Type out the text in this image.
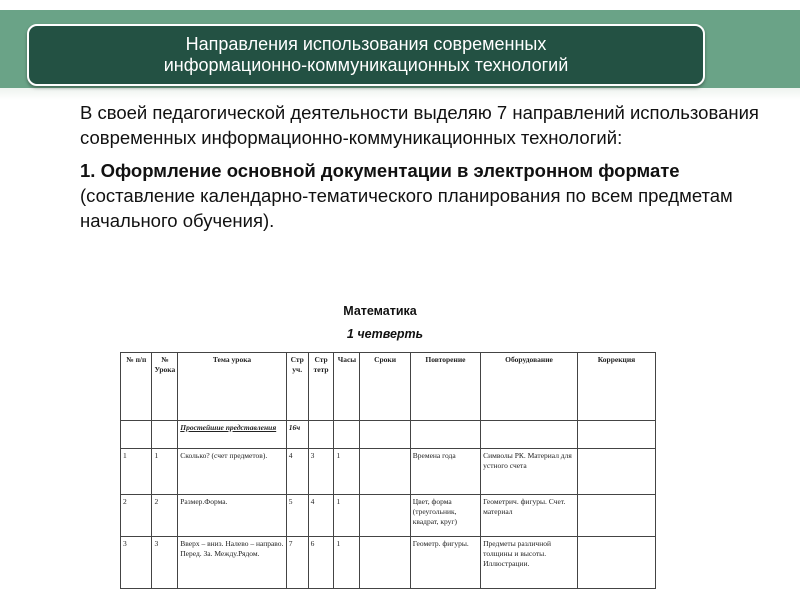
Направления использования современных
информационно-коммуникационных технологий

В своей педагогической деятельности выделяю 7 направлений использования современных информационно-коммуникационных технологий:

1. Оформление основной документации в электронном формате (составление календарно-тематического планирования по всем предметам начального обучения).

Математика
1 четверть
№ п/п	№ Урока	Тема урока	Стр уч.	Стр тетр	Часы	Сроки	Повторение	Оборудование	Коррекция
		Простейшие представления	16ч						
1	1	Сколько? (счет предметов).	4	3	1		Времена года	Символы РК. Материал для устного счета	
2	2	Размер.Форма.	5	4	1		Цвет, форма (треугольник, квадрат, круг)	Геометрич. фигуры. Счет. материал	
3	3	Вверх – вниз. Налево – направо. Перед. За. Между.Рядом.	7	6	1		Геометр. фигуры.	Предметы различной толщины и высоты. Иллюстрации.	
